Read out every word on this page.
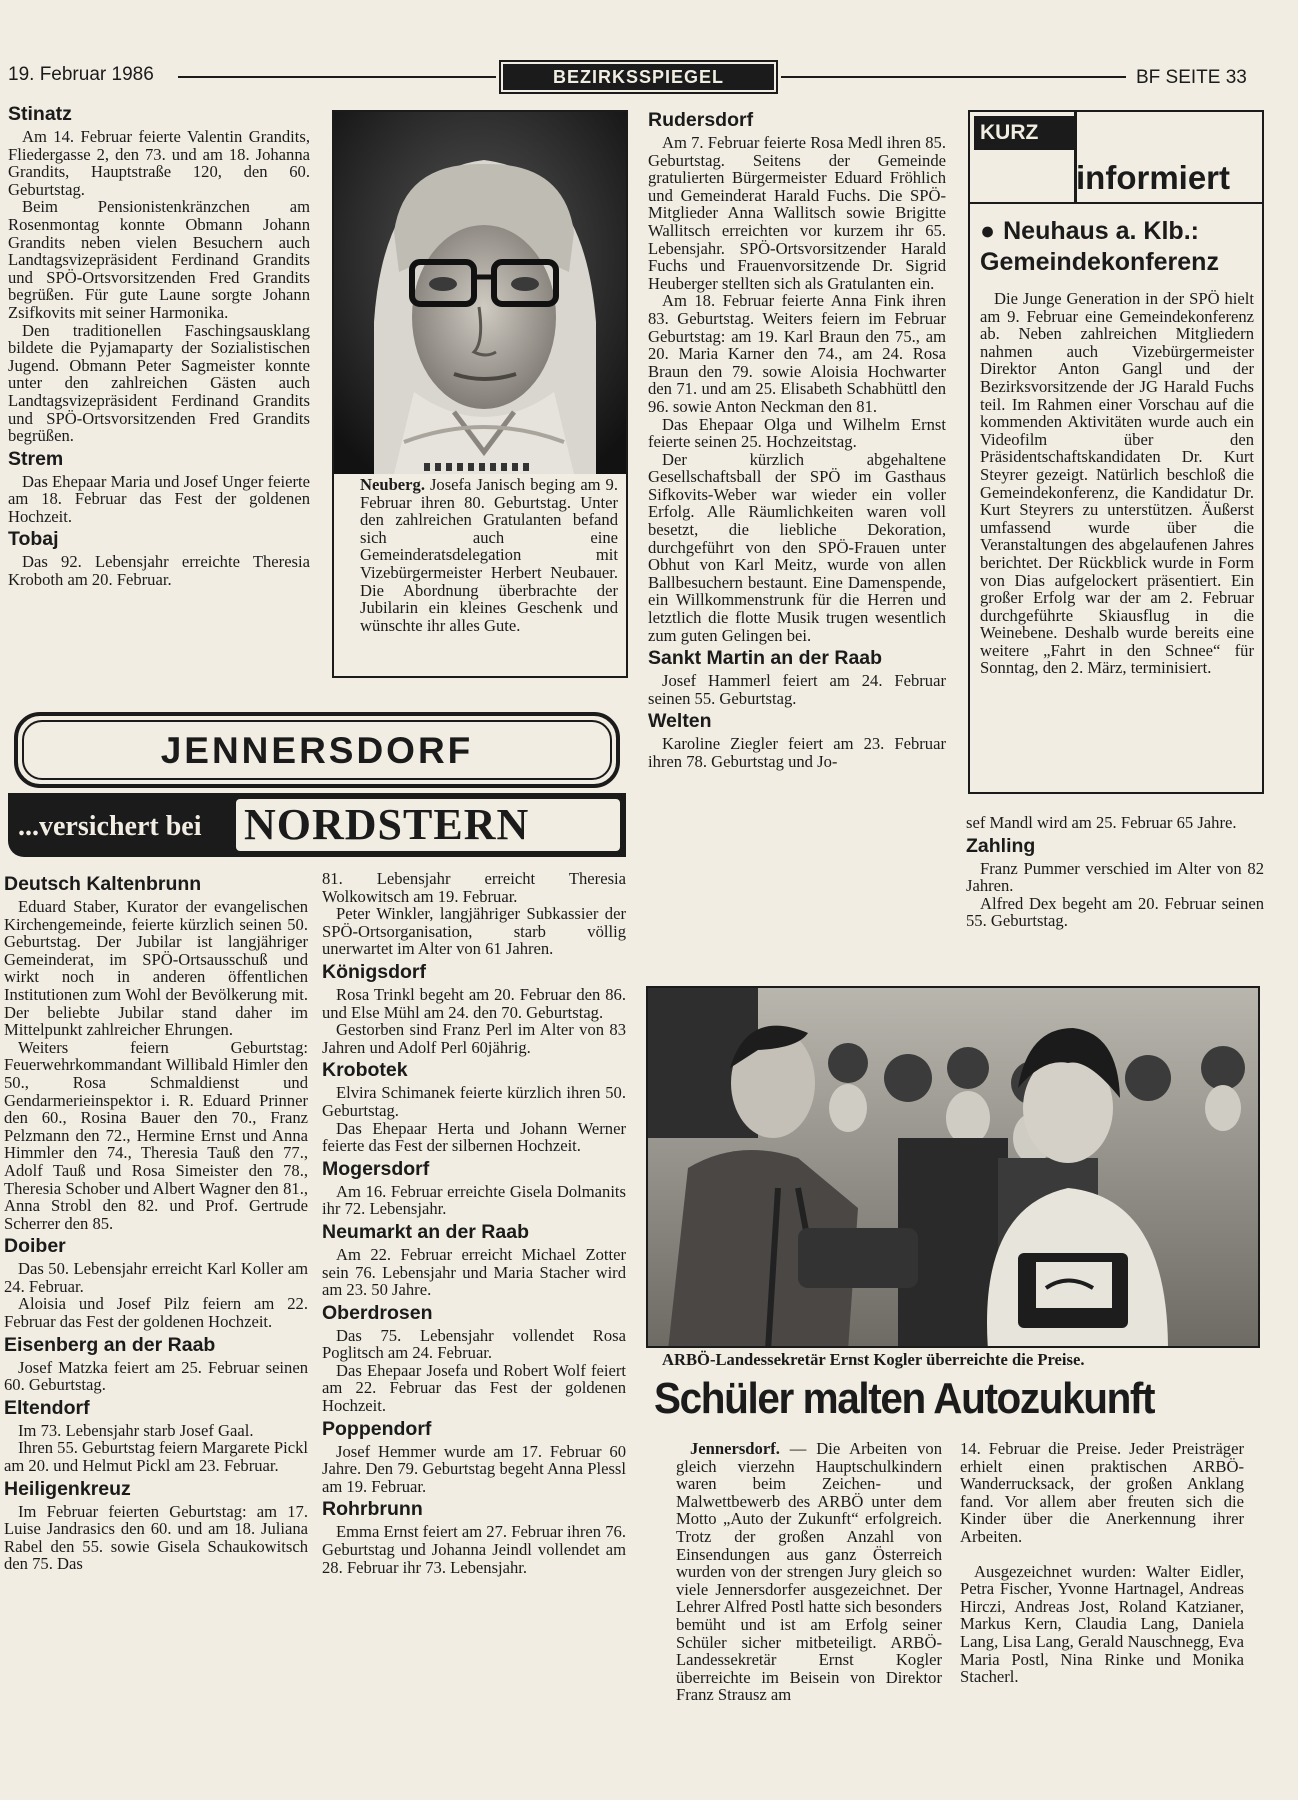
19. Februar 1986	BEZIRKSSPIEGEL	BF SEITE 33
Stinatz

Am 14. Februar feierte Valentin Grandits, Fliedergasse 2, den 73. und am 18. Johanna Grandits, Hauptstraße 120, den 60. Geburtstag.

Beim Pensionistenkränzchen am Rosenmontag konnte Obmann Johann Grandits neben vielen Besuchern auch Landtagsvizepräsident Ferdinand Grandits und SPÖ-Ortsvorsitzenden Fred Grandits begrüßen. Für gute Laune sorgte Johann Zsifkovits mit seiner Harmonika.

Den traditionellen Faschingsausklang bildete die Pyjamaparty der Sozialistischen Jugend. Obmann Peter Sagmeister konnte unter den zahlreichen Gästen auch Landtagsvizepräsident Ferdinand Grandits und SPÖ-Ortsvorsitzenden Fred Grandits begrüßen.

Strem

Das Ehepaar Maria und Josef Unger feierte am 18. Februar das Fest der goldenen Hochzeit.

Tobaj

Das 92. Lebensjahr erreichte Theresia Kroboth am 20. Februar.

Neuberg. Josefa Janisch beging am 9. Februar ihren 80. Geburtstag. Unter den zahlreichen Gratulanten befand sich auch eine Gemeinderatsdelegation mit Vizebürgermeister Herbert Neubauer. Die Abordnung überbrachte der Jubilarin ein kleines Geschenk und wünschte ihr alles Gute.
Rudersdorf

Am 7. Februar feierte Rosa Medl ihren 85. Geburtstag. Seitens der Gemeinde gratulierten Bürgermeister Eduard Fröhlich und Gemeinderat Harald Fuchs. Die SPÖ-Mitglieder Anna Wallitsch sowie Brigitte Wallitsch erreichten vor kurzem ihr 65. Lebensjahr. SPÖ-Ortsvorsitzender Harald Fuchs und Frauenvorsitzende Dr. Sigrid Heuberger stellten sich als Gratulanten ein.

Am 18. Februar feierte Anna Fink ihren 83. Geburtstag. Weiters feiern im Februar Geburtstag: am 19. Karl Braun den 75., am 20. Maria Karner den 74., am 24. Rosa Braun den 79. sowie Aloisia Hochwarter den 71. und am 25. Elisabeth Schabhüttl den 96. sowie Anton Neckman den 81.

Das Ehepaar Olga und Wilhelm Ernst feierte seinen 25. Hochzeitstag.

Der kürzlich abgehaltene Gesellschaftsball der SPÖ im Gasthaus Sifkovits-Weber war wieder ein voller Erfolg. Alle Räumlichkeiten waren voll besetzt, die liebliche Dekoration, durchgeführt von den SPÖ-Frauen unter Obhut von Karl Meitz, wurde von allen Ballbesuchern bestaunt. Eine Damenspende, ein Willkommenstrunk für die Herren und letztlich die flotte Musik trugen wesentlich zum guten Gelingen bei.

Sankt Martin an der Raab

Josef Hammerl feiert am 24. Februar seinen 55. Geburtstag.

Welten

Karoline Ziegler feiert am 23. Februar ihren 78. Geburtstag und Jo-

KURZ
informiert
● Neuhaus a. Klb.: Gemeindekonferenz

Die Junge Generation in der SPÖ hielt am 9. Februar eine Gemeindekonferenz ab. Neben zahlreichen Mitgliedern nahmen auch Vizebürgermeister Direktor Anton Gangl und der Bezirksvorsitzende der JG Harald Fuchs teil. Im Rahmen einer Vorschau auf die kommenden Aktivitäten wurde auch ein Videofilm über den Präsidentschaftskandidaten Dr. Kurt Steyrer gezeigt. Natürlich beschloß die Gemeindekonferenz, die Kandidatur Dr. Kurt Steyrers zu unterstützen. Äußerst umfassend wurde über die Veranstaltungen des abgelaufenen Jahres berichtet. Der Rückblick wurde in Form von Dias aufgelockert präsentiert. Ein großer Erfolg war der am 2. Februar durchgeführte Skiausflug in die Weinebene. Deshalb wurde bereits eine weitere „Fahrt in den Schnee“ für Sonntag, den 2. März, terminisiert.

sef Mandl wird am 25. Februar 65 Jahre.

Zahling

Franz Pummer verschied im Alter von 82 Jahren.

Alfred Dex begeht am 20. Februar seinen 55. Geburtstag.

JENNERSDORF
...versichert bei NORDSTERN
Deutsch Kaltenbrunn

Eduard Staber, Kurator der evangelischen Kirchengemeinde, feierte kürzlich seinen 50. Geburtstag. Der Jubilar ist langjähriger Gemeinderat, im SPÖ-Ortsausschuß und wirkt noch in anderen öffentlichen Institutionen zum Wohl der Bevölkerung mit. Der beliebte Jubilar stand daher im Mittelpunkt zahlreicher Ehrungen.

Weiters feiern Geburtstag: Feuerwehrkommandant Willibald Himler den 50., Rosa Schmaldienst und Gendarmerieinspektor i. R. Eduard Prinner den 60., Rosina Bauer den 70., Franz Pelzmann den 72., Hermine Ernst und Anna Himmler den 74., Theresia Tauß den 77., Adolf Tauß und Rosa Simeister den 78., Theresia Schober und Albert Wagner den 81., Anna Strobl den 82. und Prof. Gertrude Scherrer den 85.

Doiber

Das 50. Lebensjahr erreicht Karl Koller am 24. Februar.

Aloisia und Josef Pilz feiern am 22. Februar das Fest der goldenen Hochzeit.

Eisenberg an der Raab

Josef Matzka feiert am 25. Februar seinen 60. Geburtstag.

Eltendorf

Im 73. Lebensjahr starb Josef Gaal.

Ihren 55. Geburtstag feiern Margarete Pickl am 20. und Helmut Pickl am 23. Februar.

Heiligenkreuz

Im Februar feierten Geburtstag: am 17. Luise Jandrasics den 60. und am 18. Juliana Rabel den 55. sowie Gisela Schaukowitsch den 75. Das

81. Lebensjahr erreicht Theresia Wolkowitsch am 19. Februar.

Peter Winkler, langjähriger Subkassier der SPÖ-Ortsorganisation, starb völlig unerwartet im Alter von 61 Jahren.

Königsdorf

Rosa Trinkl begeht am 20. Februar den 86. und Else Mühl am 24. den 70. Geburtstag.

Gestorben sind Franz Perl im Alter von 83 Jahren und Adolf Perl 60jährig.

Krobotek

Elvira Schimanek feierte kürzlich ihren 50. Geburtstag.

Das Ehepaar Herta und Johann Werner feierte das Fest der silbernen Hochzeit.

Mogersdorf

Am 16. Februar erreichte Gisela Dolmanits ihr 72. Lebensjahr.

Neumarkt an der Raab

Am 22. Februar erreicht Michael Zotter sein 76. Lebensjahr und Maria Stacher wird am 23. 50 Jahre.

Oberdrosen

Das 75. Lebensjahr vollendet Rosa Poglitsch am 24. Februar.

Das Ehepaar Josefa und Robert Wolf feiert am 22. Februar das Fest der goldenen Hochzeit.

Poppendorf

Josef Hemmer wurde am 17. Februar 60 Jahre. Den 79. Geburtstag begeht Anna Plessl am 19. Februar.

Rohrbrunn

Emma Ernst feiert am 27. Februar ihren 76. Geburtstag und Johanna Jeindl vollendet am 28. Februar ihr 73. Lebensjahr.

ARBÖ-Landessekretär Ernst Kogler überreichte die Preise.
Schüler malten Autozukunft

Jennersdorf. — Die Arbeiten von gleich vierzehn Hauptschulkindern waren beim Zeichen- und Malwettbewerb des ARBÖ unter dem Motto „Auto der Zukunft“ erfolgreich. Trotz der großen Anzahl von Einsendungen aus ganz Österreich wurden von der strengen Jury gleich so viele Jennersdorfer ausgezeichnet. Der Lehrer Alfred Postl hatte sich besonders bemüht und ist am Erfolg seiner Schüler sicher mitbeteiligt. ARBÖ-Landessekretär Ernst Kogler überreichte im Beisein von Direktor Franz Strausz am

14. Februar die Preise. Jeder Preisträger erhielt einen praktischen ARBÖ-Wanderrucksack, der großen Anklang fand. Vor allem aber freuten sich die Kinder über die Anerkennung ihrer Arbeiten.

Ausgezeichnet wurden: Walter Eidler, Petra Fischer, Yvonne Hartnagel, Andreas Hirczi, Andreas Jost, Roland Katzianer, Markus Kern, Claudia Lang, Daniela Lang, Lisa Lang, Gerald Nauschnegg, Eva Maria Postl, Nina Rinke und Monika Stacherl.
